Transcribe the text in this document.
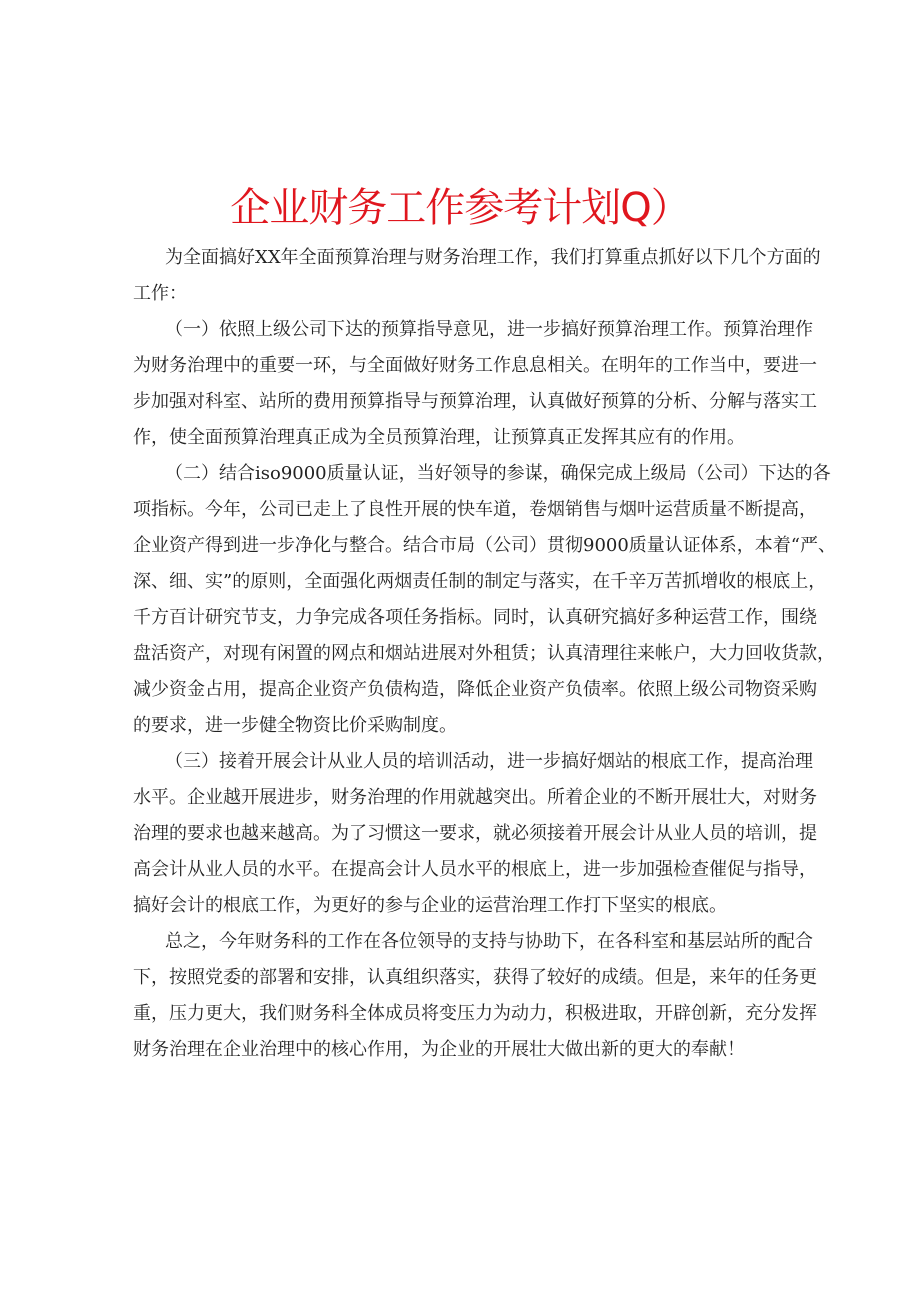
企业财务工作参考计划Q）
为全面搞好XX年全面预算治理与财务治理工作，我们打算重点抓好以下几个方面的
工作：
（一）依照上级公司下达的预算指导意见，进一步搞好预算治理工作。预算治理作
为财务治理中的重要一环，与全面做好财务工作息息相关。在明年的工作当中，要进一
步加强对科室、站所的费用预算指导与预算治理，认真做好预算的分析、分解与落实工
作，使全面预算治理真正成为全员预算治理，让预算真正发挥其应有的作用。
（二）结合iso9000质量认证，当好领导的参谋，确保完成上级局（公司）下达的各
项指标。今年，公司已走上了良性开展的快车道，卷烟销售与烟叶运营质量不断提高，
企业资产得到进一步净化与整合。结合市局（公司）贯彻9000质量认证体系，本着“严、
深、细、实”的原则，全面强化两烟责任制的制定与落实，在千辛万苦抓增收的根底上，
千方百计研究节支，力争完成各项任务指标。同时，认真研究搞好多种运营工作，围绕
盘活资产，对现有闲置的网点和烟站进展对外租赁；认真清理往来帐户，大力回收货款，
减少资金占用，提高企业资产负债构造，降低企业资产负债率。依照上级公司物资采购
的要求，进一步健全物资比价采购制度。
（三）接着开展会计从业人员的培训活动，进一步搞好烟站的根底工作，提高治理
水平。企业越开展进步，财务治理的作用就越突出。所着企业的不断开展壮大，对财务
治理的要求也越来越高。为了习惯这一要求，就必须接着开展会计从业人员的培训，提
高会计从业人员的水平。在提高会计人员水平的根底上，进一步加强检查催促与指导，
搞好会计的根底工作，为更好的参与企业的运营治理工作打下坚实的根底。
总之，今年财务科的工作在各位领导的支持与协助下，在各科室和基层站所的配合
下，按照党委的部署和安排，认真组织落实，获得了较好的成绩。但是，来年的任务更
重，压力更大，我们财务科全体成员将变压力为动力，积极进取，开辟创新，充分发挥
财务治理在企业治理中的核心作用，为企业的开展壮大做出新的更大的奉献！
